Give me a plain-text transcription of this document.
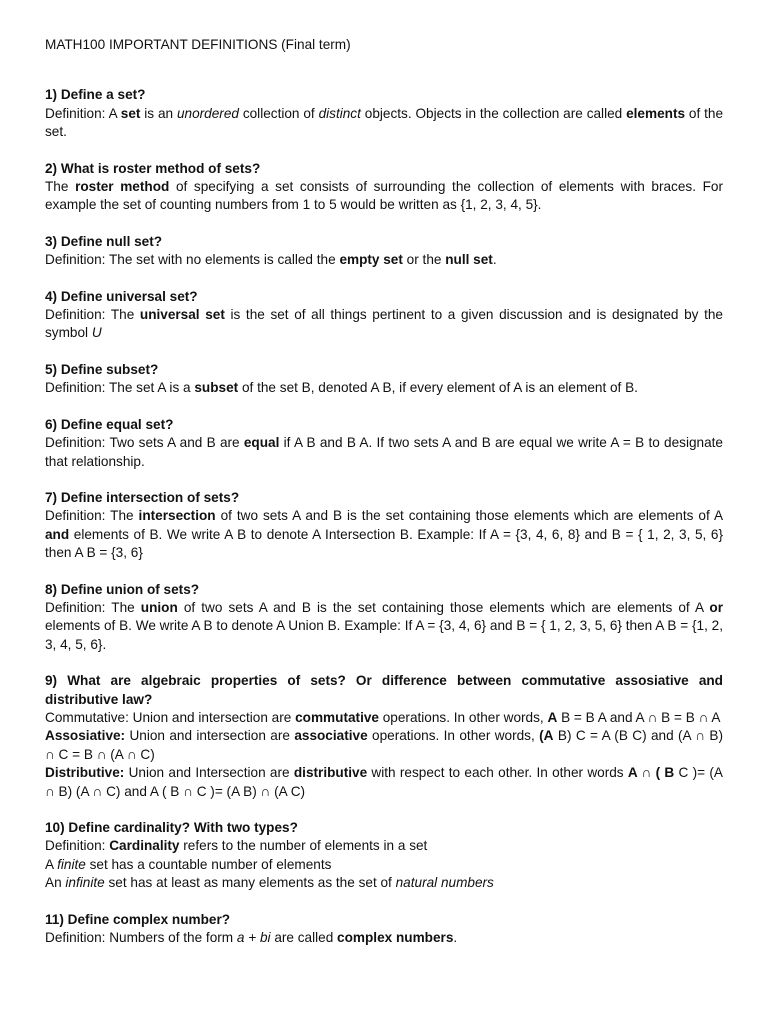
MATH100 IMPORTANT DEFINITIONS (Final term)

1) Define a set?

Definition: A set is an unordered collection of distinct objects. Objects in the collection are called elements of the set.

2) What is roster method of sets?

The roster method of specifying a set consists of surrounding the collection of elements with braces. For example the set of counting numbers from 1 to 5 would be written as {1, 2, 3, 4, 5}.

3) Define null set?

Definition: The set with no elements is called the empty set or the null set.

4) Define universal set?

Definition: The universal set is the set of all things pertinent to a given discussion and is designated by the symbol U

5) Define subset?

Definition: The set A is a subset of the set B, denoted A B, if every element of A is an element of B.

6) Define equal set?

Definition: Two sets A and B are equal if A B and B A. If two sets A and B are equal we write A = B to designate that relationship.

7) Define intersection of sets?

Definition: The intersection of two sets A and B is the set containing those elements which are elements of A and elements of B. We write A B to denote A Intersection B. Example: If A = {3, 4, 6, 8} and B = { 1, 2, 3, 5, 6} then A B = {3, 6}

8) Define union of sets?

Definition: The union of two sets A and B is the set containing those elements which are elements of A or elements of B. We write A B to denote A Union B. Example: If A = {3, 4, 6} and B = { 1, 2, 3, 5, 6} then A B = {1, 2, 3, 4, 5, 6}.

9) What are algebraic properties of sets? Or difference between commutative assosiative and distributive law?

Commutative: Union and intersection are commutative operations. In other words, A B = B A and A ∩ B = B ∩ A

Assosiative: Union and intersection are associative operations. In other words, (A B) C = A (B C) and (A ∩ B) ∩ C = B ∩ (A ∩ C)

Distributive: Union and Intersection are distributive with respect to each other. In other words A ∩ ( B C )= (A ∩ B) (A ∩ C) and A ( B ∩ C )= (A B) ∩ (A C)

10) Define cardinality? With two types?

Definition: Cardinality refers to the number of elements in a set

A finite set has a countable number of elements

An infinite set has at least as many elements as the set of natural numbers

11) Define complex number?

Definition: Numbers of the form a + bi are called complex numbers.
